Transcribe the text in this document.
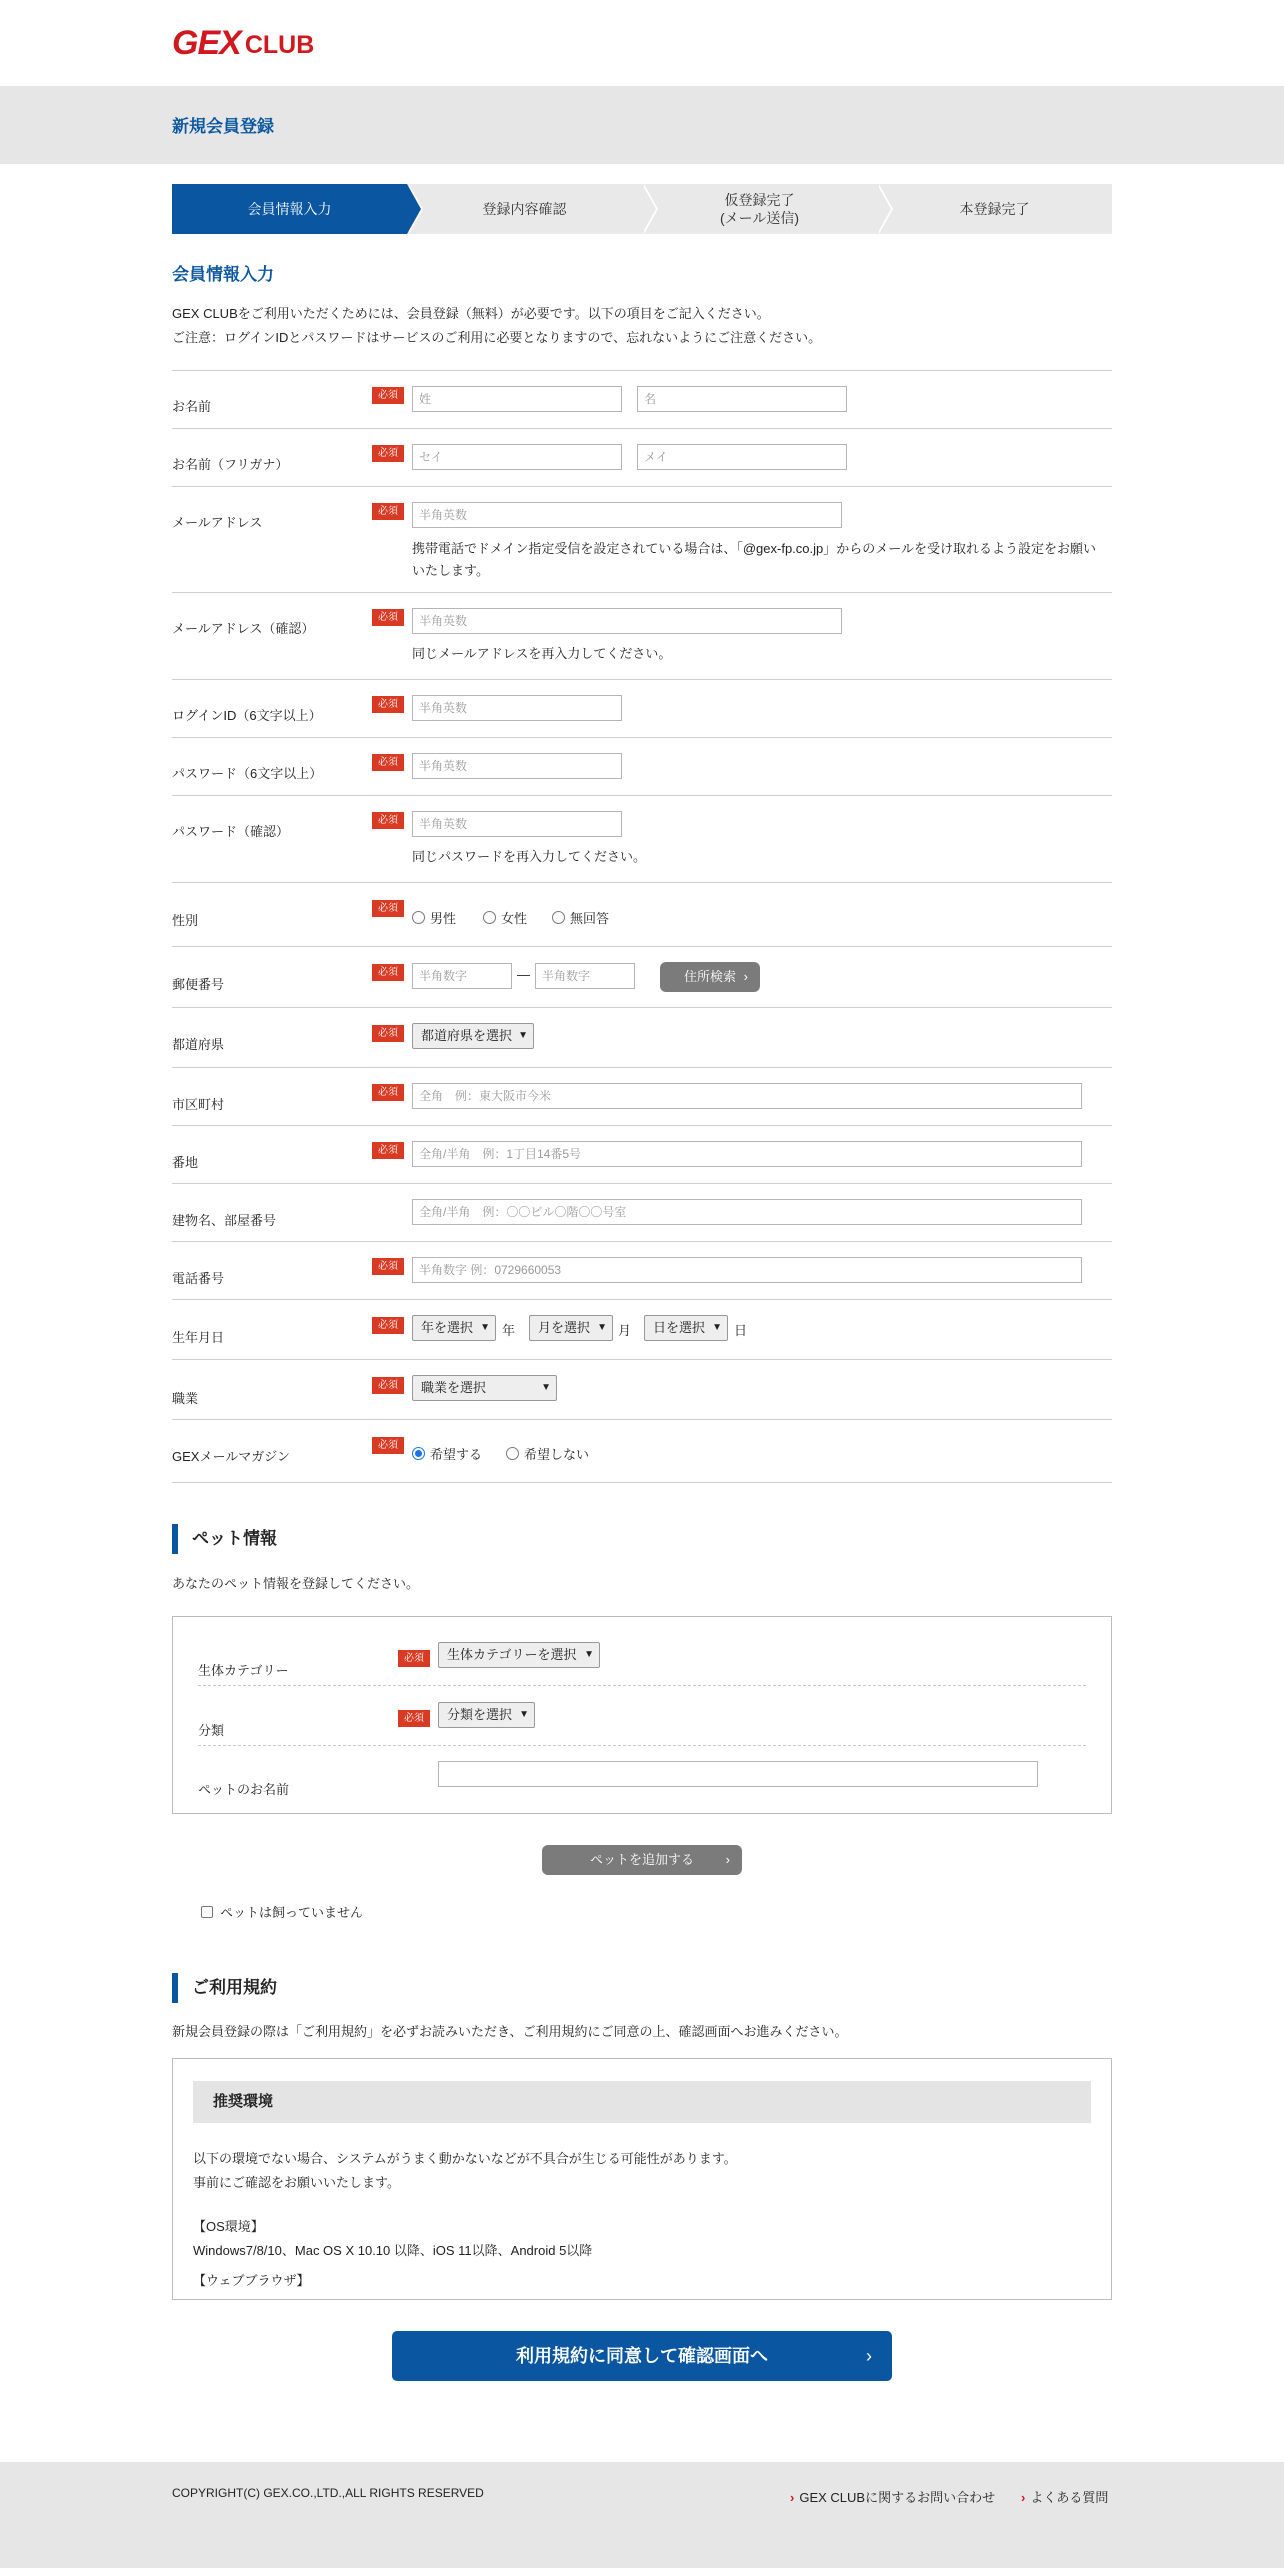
GEX CLUB
新規会員登録
会員情報入力	登録内容確認
仮登録完了
(メール送信)
本登録完了
会員情報入力
GEX CLUBをご利用いただくためには、会員登録（無料）が必要です。以下の項目をご記入ください。
ご注意：ログインIDとパスワードはサービスのご利用に必要となりますので、忘れないようにご注意ください。
お名前
必須	姓	名
お名前（フリガナ）
必須	セイ	メイ
メールアドレス
必須	半角英数
携帯電話でドメイン指定受信を設定されている場合は、「@gex-fp.co.jp」からのメールを受け取れるよう設定をお願い
いたします。
メールアドレス（確認）
必須	半角英数
同じメールアドレスを再入力してください。
ログインID（6文字以上）
必須	半角英数
パスワード（6文字以上）
必須	半角英数
パスワード（確認）
必須	半角英数
同じパスワードを再入力してください。
性別
必須
男性	女性	無回答
郵便番号
必須	半角数字	—	半角数字	住所検索 ›
都道府県
必須	都道府県を選択 ▼
市区町村
必須	全角　例：東大阪市今米
番地
必須	全角/半角　例：1丁目14番5号
建物名、部屋番号
全角/半角　例：〇〇ビル〇階〇〇号室
電話番号
必須	半角数字 例：0729660053
生年月日
必須	年を選択 ▼ 年	月を選択 ▼ 月	日を選択 ▼ 日
職業
必須	職業を選択	▼
GEXメールマガジン
必須
希望する	希望しない
ペット情報
あなたのペット情報を登録してください。
生体カテゴリー
必須	生体カテゴリーを選択 ▼
分類
必須	分類を選択 ▼
ペットのお名前
ペットを追加する ›
ペットは飼っていません
ご利用規約
新規会員登録の際は「ご利用規約」を必ずお読みいただき、ご利用規約にご同意の上、確認画面へお進みください。
推奨環境

以下の環境でない場合、システムがうまく動かないなどが不具合が生じる可能性があります。

事前にご確認をお願いいたします。

【OS環境】

Windows7/8/10、Mac OS X 10.10 以降、iOS 11以降、Android 5以降

【ウェブブラウザ】

利用規約に同意して確認画面へ	›
COPYRIGHT(C) GEX.CO.,LTD.,ALL RIGHTS RESERVED	› GEX CLUBに関するお問い合わせ › よくある質問
